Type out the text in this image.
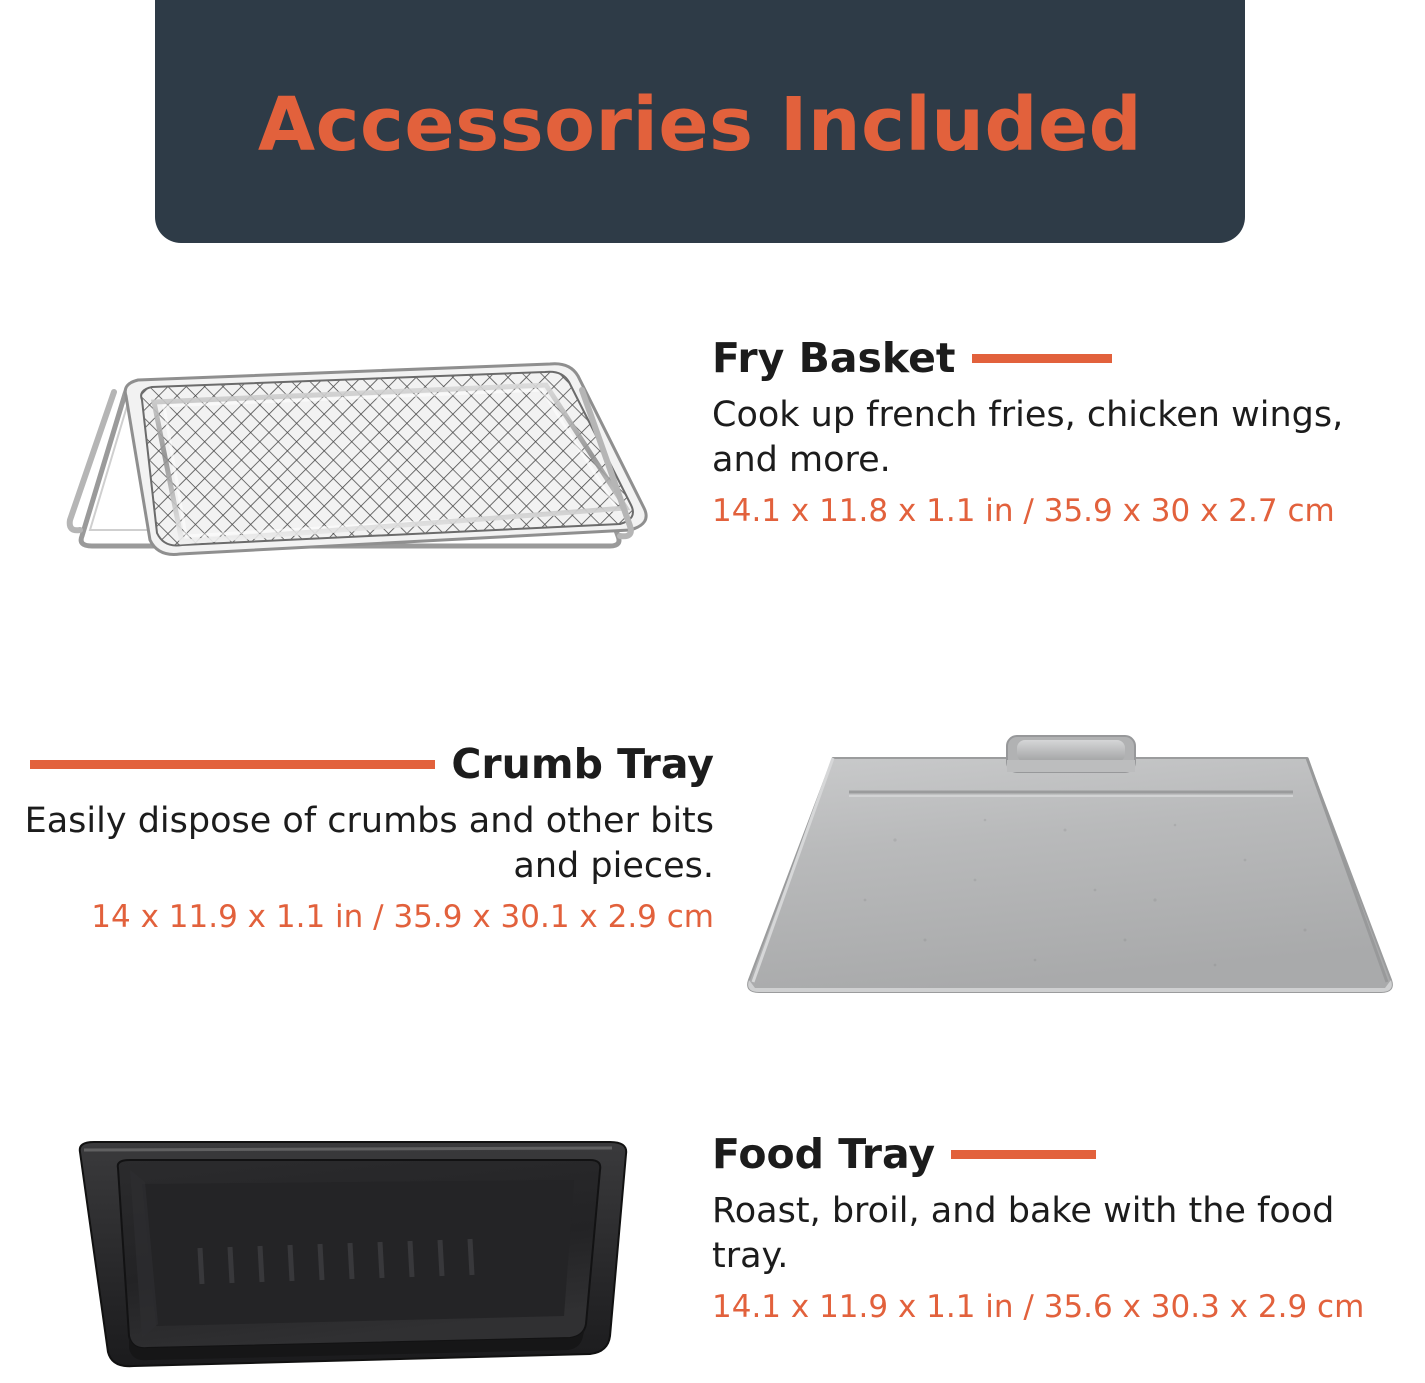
Accessories Included
Fry Basket
Cook up french fries, chicken wings, and more.
14.1 x 11.8 x 1.1 in / 35.9 x 30 x 2.7 cm
Crumb Tray
Easily dispose of crumbs and other bits and pieces.
14 x 11.9 x 1.1 in / 35.9 x 30.1 x 2.9 cm
Food Tray
Roast, broil, and bake with the food tray.
14.1 x 11.9 x 1.1 in / 35.6 x 30.3 x 2.9 cm
